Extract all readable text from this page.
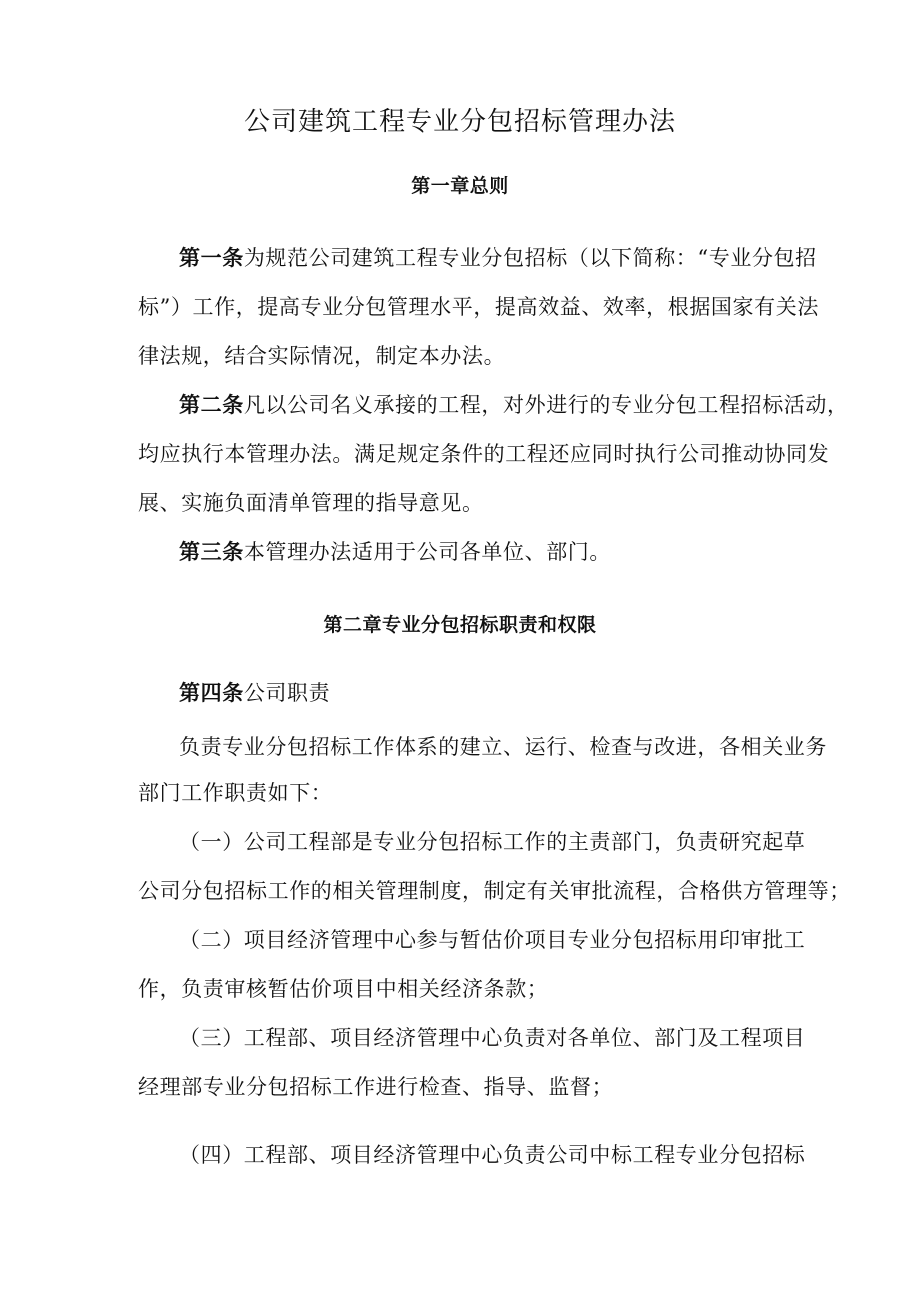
公司建筑工程专业分包招标管理办法
第一章总则
第一条为规范公司建筑工程专业分包招标（以下简称：“专业分包招
标”）工作，提高专业分包管理水平，提高效益、效率，根据国家有关法
律法规，结合实际情况，制定本办法。
第二条凡以公司名义承接的工程，对外进行的专业分包工程招标活动，
均应执行本管理办法。满足规定条件的工程还应同时执行公司推动协同发
展、实施负面清单管理的指导意见。
第三条本管理办法适用于公司各单位、部门。
第二章专业分包招标职责和权限
第四条公司职责
负责专业分包招标工作体系的建立、运行、检查与改进，各相关业务
部门工作职责如下：
（一）公司工程部是专业分包招标工作的主责部门，负责研究起草
公司分包招标工作的相关管理制度，制定有关审批流程，合格供方管理等；
（二）项目经济管理中心参与暂估价项目专业分包招标用印审批工
作，负责审核暂估价项目中相关经济条款；
（三）工程部、项目经济管理中心负责对各单位、部门及工程项目
经理部专业分包招标工作进行检查、指导、监督；
（四）工程部、项目经济管理中心负责公司中标工程专业分包招标
